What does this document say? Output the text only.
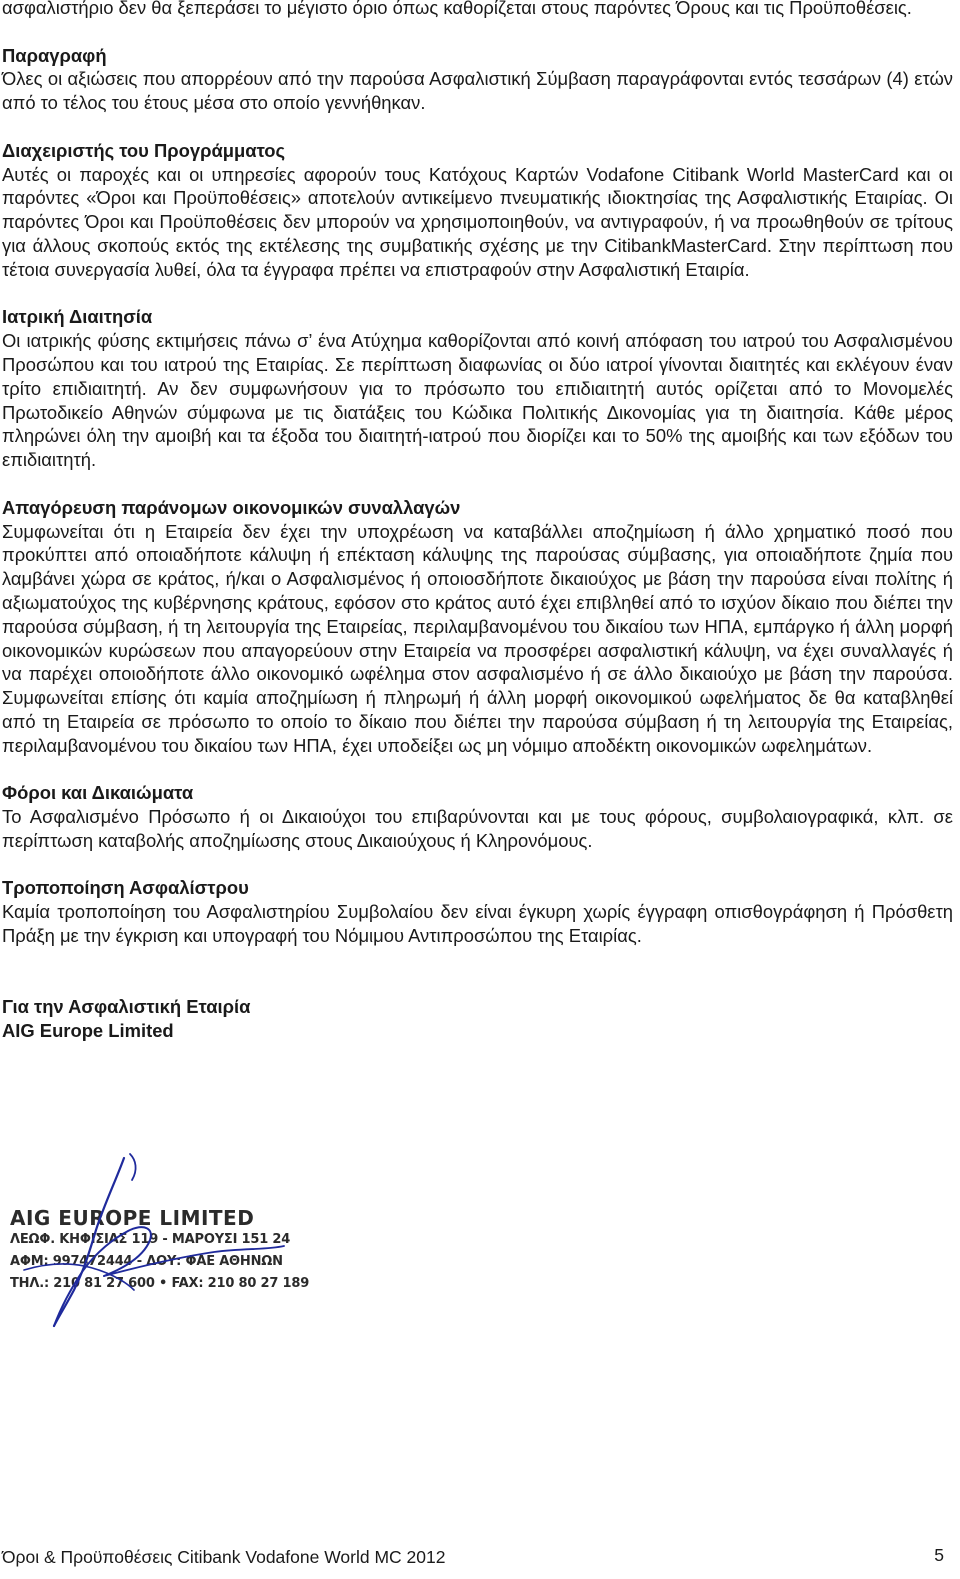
ασφαλιστήριο δεν θα ξεπεράσει το μέγιστο όριο όπως καθορίζεται στους παρόντες Όρους και τις Προϋποθέσεις.

Παραγραφή

Όλες οι αξιώσεις που απορρέουν από την παρούσα Ασφαλιστική Σύμβαση παραγράφονται εντός τεσσάρων (4) ετών από το τέλος του έτους μέσα στο οποίο γεννήθηκαν.

Διαχειριστής του Προγράμματος

Αυτές οι παροχές και οι υπηρεσίες αφορούν τους Κατόχους Καρτών Vodafone Citibank World MasterCard και οι παρόντες «Όροι και Προϋποθέσεις» αποτελούν αντικείμενο πνευματικής ιδιοκτησίας της Ασφαλιστικής Εταιρίας. Οι παρόντες Όροι και Προϋποθέσεις δεν μπορούν να χρησιμοποιηθούν, να αντιγραφούν, ή να προωθηθούν σε τρίτους για άλλους σκοπούς εκτός της εκτέλεσης της συμβατικής σχέσης με την CitibankMasterCard. Στην περίπτωση που τέτοια συνεργασία λυθεί, όλα τα έγγραφα πρέπει να επιστραφούν στην Ασφαλιστική Εταιρία.

Ιατρική Διαιτησία

Οι ιατρικής φύσης εκτιμήσεις πάνω σ’ ένα Ατύχημα καθορίζονται από κοινή απόφαση του ιατρού του Ασφαλισμένου Προσώπου και του ιατρού της Εταιρίας. Σε περίπτωση διαφωνίας οι δύο ιατροί γίνονται διαιτητές και εκλέγουν έναν τρίτο επιδιαιτητή. Αν δεν συμφωνήσουν για το πρόσωπο του επιδιαιτητή αυτός ορίζεται από το Μονομελές Πρωτοδικείο Αθηνών σύμφωνα με τις διατάξεις του Κώδικα Πολιτικής Δικονομίας για τη διαιτησία. Κάθε μέρος πληρώνει όλη την αμοιβή και τα έξοδα του διαιτητή-ιατρού που διορίζει και το 50% της αμοιβής και των εξόδων του επιδιαιτητή.

Απαγόρευση παράνομων οικονομικών συναλλαγών

Συμφωνείται ότι η Εταιρεία δεν έχει την υποχρέωση να καταβάλλει αποζημίωση ή άλλο χρηματικό ποσό που προκύπτει από οποιαδήποτε κάλυψη ή επέκταση κάλυψης της παρούσας σύμβασης, για οποιαδήποτε ζημία που λαμβάνει χώρα σε κράτος, ή/και ο Ασφαλισμένος ή οποιοσδήποτε δικαιούχος με βάση την παρούσα είναι πολίτης ή αξιωματούχος της κυβέρνησης κράτους, εφόσον στο κράτος αυτό έχει επιβληθεί από το ισχύον δίκαιο που διέπει την παρούσα σύμβαση, ή τη λειτουργία της Εταιρείας, περιλαμβανομένου του δικαίου των ΗΠΑ, εμπάργκο ή άλλη μορφή οικονομικών κυρώσεων που απαγορεύουν στην Εταιρεία να προσφέρει ασφαλιστική κάλυψη, να έχει συναλλαγές ή να παρέχει οποιοδήποτε άλλο οικονομικό ωφέλημα στον ασφαλισμένο ή σε άλλο δικαιούχο με βάση την παρούσα. Συμφωνείται επίσης ότι καμία αποζημίωση ή πληρωμή ή άλλη μορφή οικονομικού ωφελήματος δε θα καταβληθεί από τη Εταιρεία σε πρόσωπο το οποίο το δίκαιο που διέπει την παρούσα σύμβαση ή τη λειτουργία της Εταιρείας, περιλαμβανομένου του δικαίου των ΗΠΑ, έχει υποδείξει ως μη νόμιμο αποδέκτη οικονομικών ωφελημάτων.

Φόροι και Δικαιώματα

Το Ασφαλισμένο Πρόσωπο ή οι Δικαιούχοι του επιβαρύνονται και με τους φόρους, συμβολαιογραφικά, κλπ. σε περίπτωση καταβολής αποζημίωσης στους Δικαιούχους ή Κληρονόμους.

Τροποποίηση Ασφαλίστρου

Καμία τροποποίηση του Ασφαλιστηρίου Συμβολαίου δεν είναι έγκυρη χωρίς έγγραφη οπισθογράφηση ή Πρόσθετη Πράξη με την έγκριση και υπογραφή του Νόμιμου Αντιπροσώπου της Εταιρίας.

Για την Ασφαλιστική Εταιρία

AIG Europe Limited

AIG EUROPE LIMITED
ΛΕΩΦ. ΚΗΦΙΣΙΑΣ 119 - ΜΑΡΟΥΣΙ 151 24
ΑΦΜ: 997472444 - ΔΟΥ: ΦΑΕ ΑΘΗΝΩΝ
ΤΗΛ.: 210 81 27 600 • FAX: 210 80 27 189
Όροι & Προϋποθέσεις Citibank Vodafone World MC 2012	5
